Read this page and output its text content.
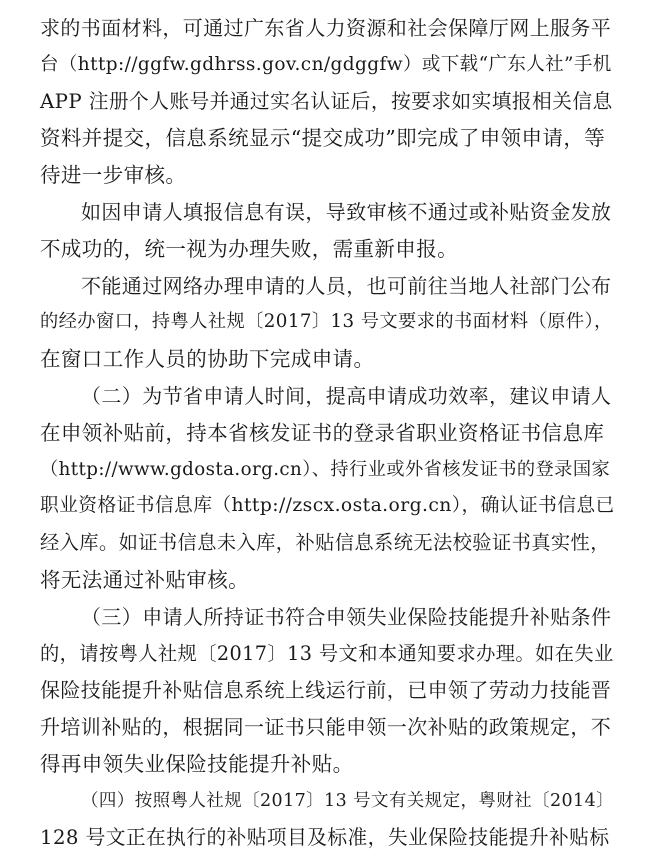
求的书面材料，可通过广东省人力资源和社会保障厅网上服务平
台（http://ggfw.gdhrss.gov.cn/gdggfw）或下载“广东人社”手机
APP 注册个人账号并通过实名认证后，按要求如实填报相关信息
资料并提交，信息系统显示“提交成功”即完成了申领申请，等
待进一步审核。
如因申请人填报信息有误，导致审核不通过或补贴资金发放
不成功的，统一视为办理失败，需重新申报。
不能通过网络办理申请的人员，也可前往当地人社部门公布
的经办窗口，持粤人社规〔2017〕13 号文要求的书面材料（原件），
在窗口工作人员的协助下完成申请。
（二）为节省申请人时间，提高申请成功效率，建议申请人
在申领补贴前，持本省核发证书的登录省职业资格证书信息库
（http://www.gdosta.org.cn）、持行业或外省核发证书的登录国家
职业资格证书信息库（http://zscx.osta.org.cn），确认证书信息已
经入库。如证书信息未入库，补贴信息系统无法校验证书真实性，
将无法通过补贴审核。
（三）申请人所持证书符合申领失业保险技能提升补贴条件
的，请按粤人社规〔2017〕13 号文和本通知要求办理。如在失业
保险技能提升补贴信息系统上线运行前，已申领了劳动力技能晋
升培训补贴的，根据同一证书只能申领一次补贴的政策规定，不
得再申领失业保险技能提升补贴。
（四）按照粤人社规〔2017〕13 号文有关规定，粤财社〔2014〕
128 号文正在执行的补贴项目及标准，失业保险技能提升补贴标
